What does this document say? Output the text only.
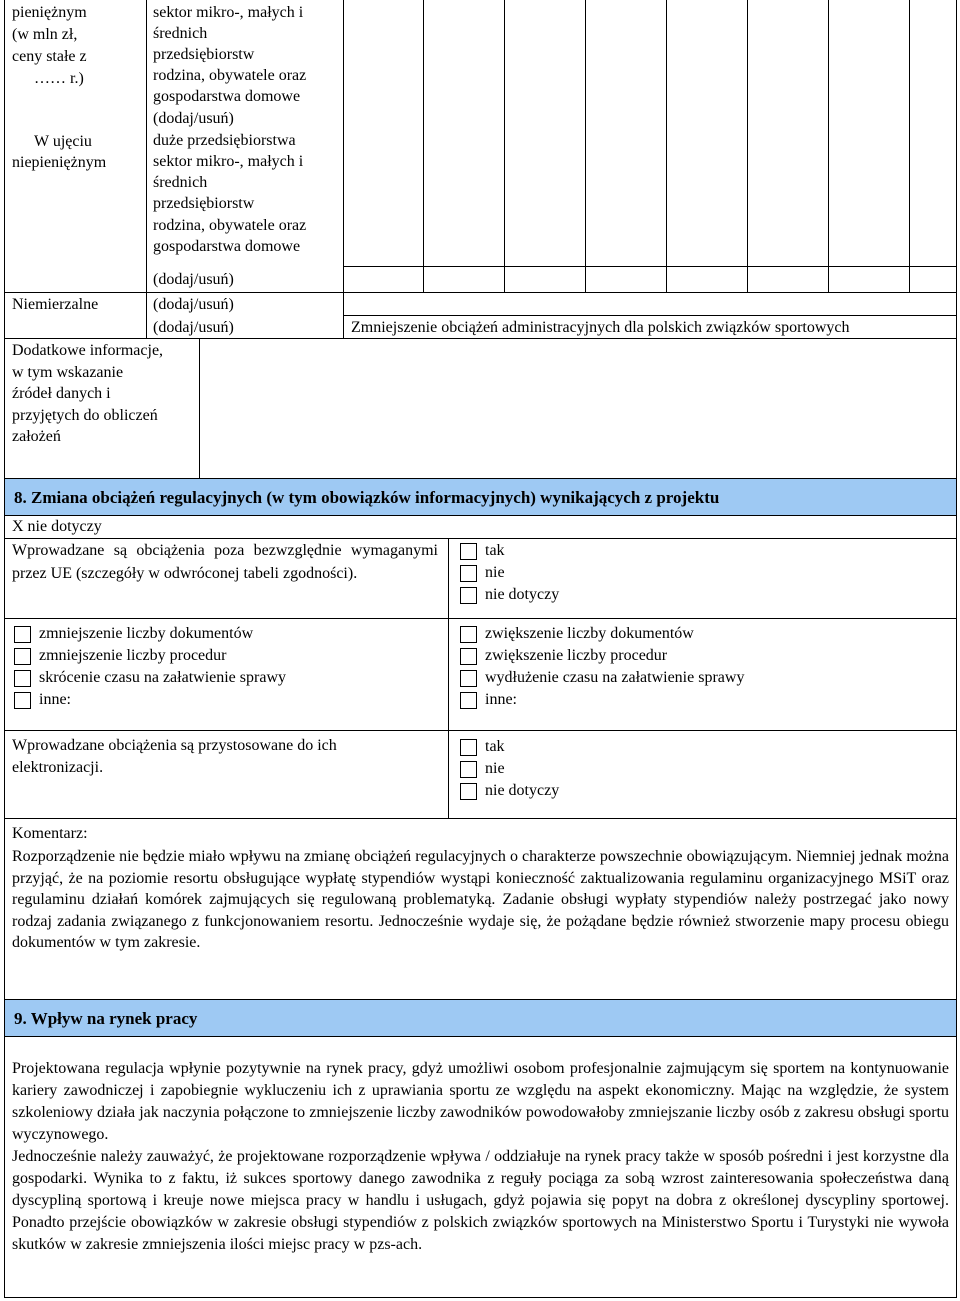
pieniężnym
(w mln zł,
ceny stałe z
…… r.)
W ujęciu
niepieniężnym
sektor mikro-, małych i
średnich
przedsiębiorstw
rodzina, obywatele oraz
gospodarstwa domowe
(dodaj/usuń)
duże przedsiębiorstwa
sektor mikro-, małych i
średnich
przedsiębiorstw
rodzina, obywatele oraz
gospodarstwa domowe
(dodaj/usuń)
Niemierzalne	(dodaj/usuń)
(dodaj/usuń)	Zmniejszenie obciążeń administracyjnych dla polskich związków sportowych
Dodatkowe informacje,
w tym wskazanie
źródeł danych i
przyjętych do obliczeń
założeń
8. Zmiana obciążeń regulacyjnych (w tym obowiązków informacyjnych) wynikających z projektu
X nie dotyczy
Wprowadzane są obciążenia poza bezwzględnie wymaganymi przez UE (szczegóły w odwróconej tabeli zgodności).
tak
nie
nie dotyczy
zmniejszenie liczby dokumentów
zmniejszenie liczby procedur
skrócenie czasu na załatwienie sprawy
inne:
zwiększenie liczby dokumentów
zwiększenie liczby procedur
wydłużenie czasu na załatwienie sprawy
inne:
Wprowadzane obciążenia są przystosowane do ich elektronizacji.
tak
nie
nie dotyczy
Komentarz:
Rozporządzenie nie będzie miało wpływu na zmianę obciążeń regulacyjnych o charakterze powszechnie obowiązującym. Niemniej jednak można przyjąć, że na poziomie resortu obsługujące wypłatę stypendiów wystąpi konieczność zaktualizowania regulaminu organizacyjnego MSiT oraz regulaminu działań komórek zajmujących się regulowaną problematyką. Zadanie obsługi wypłaty stypendiów należy postrzegać jako nowy rodzaj zadania związanego z funkcjonowaniem resortu. Jednocześnie wydaje się, że pożądane będzie również stworzenie mapy procesu obiegu dokumentów w tym zakresie.
9. Wpływ na rynek pracy
Projektowana regulacja wpłynie pozytywnie na rynek pracy, gdyż umożliwi osobom profesjonalnie zajmującym się sportem na kontynuowanie kariery zawodniczej i zapobiegnie wykluczeniu ich z uprawiania sportu ze względu na aspekt ekonomiczny. Mając na względzie, że system szkoleniowy działa jak naczynia połączone to zmniejszenie liczby zawodników powodowałoby zmniejszanie liczby osób z zakresu obsługi sportu wyczynowego.
Jednocześnie należy zauważyć, że projektowane rozporządzenie wpływa / oddziałuje na rynek pracy także w sposób pośredni i jest korzystne dla gospodarki. Wynika to z faktu, iż sukces sportowy danego zawodnika z reguły pociąga za sobą wzrost zainteresowania społeczeństwa daną dyscypliną sportową i kreuje nowe miejsca pracy w handlu i usługach, gdyż pojawia się popyt na dobra z określonej dyscypliny sportowej. Ponadto przejście obowiązków w zakresie obsługi stypendiów z polskich związków sportowych na Ministerstwo Sportu i Turystyki nie wywoła skutków w zakresie zmniejszenia ilości miejsc pracy w pzs-ach.
